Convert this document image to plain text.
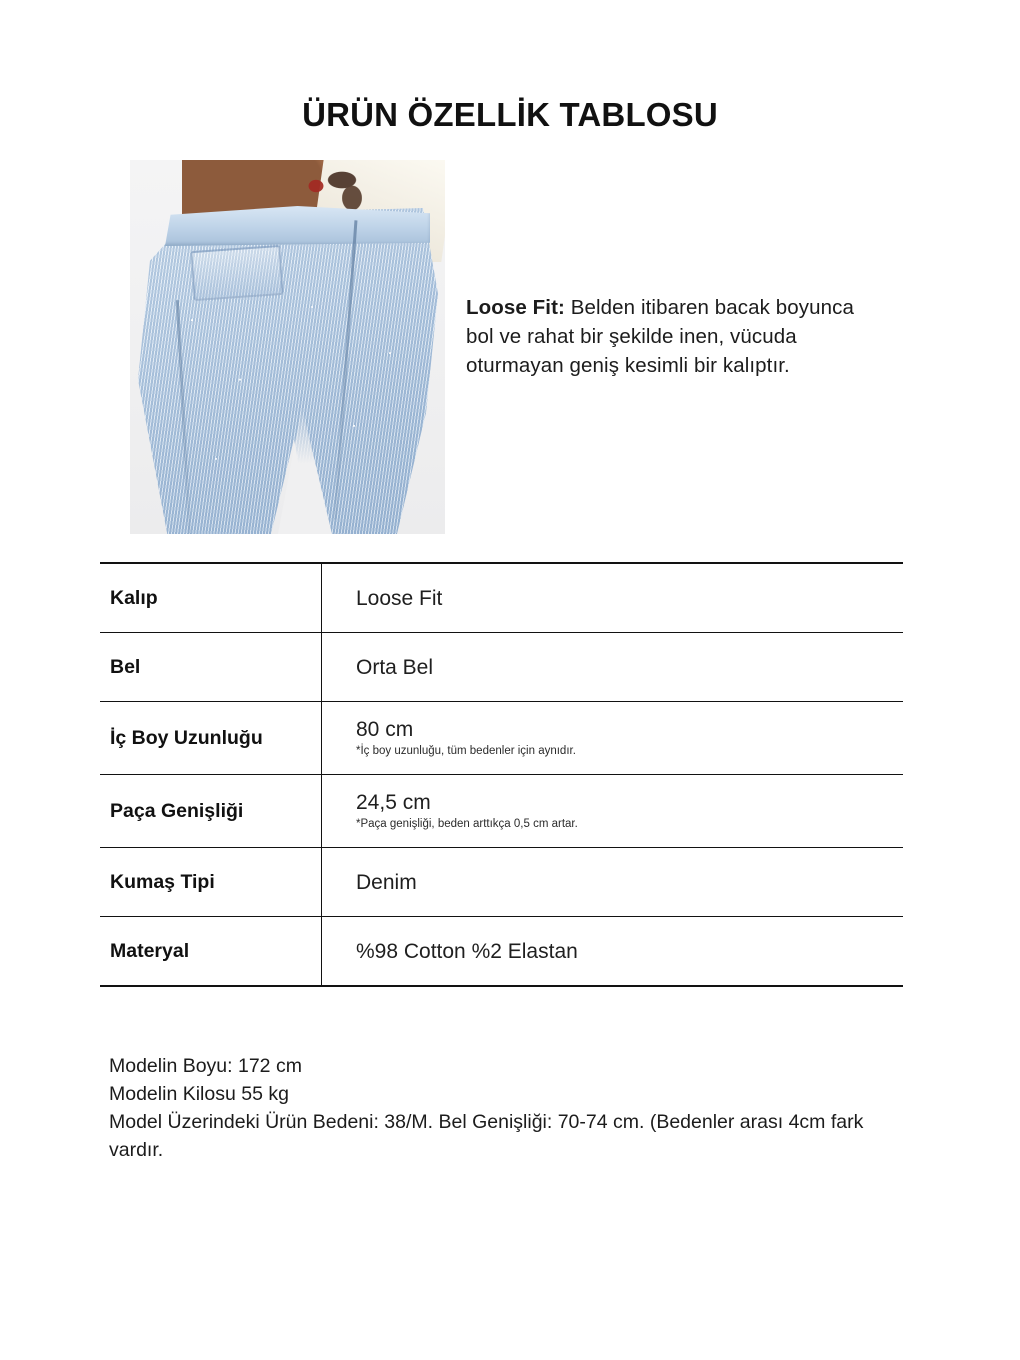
ÜRÜN ÖZELLİK TABLOSU
Loose Fit: Belden itibaren bacak boyunca bol ve rahat bir şekilde inen, vücuda oturmayan geniş kesimli bir kalıptır.
Kalıp	Loose Fit

Bel	Orta Bel

İç Boy Uzunluğu	80 cm
*İç boy uzunluğu, tüm bedenler için aynıdır.

Paça Genişliği	24,5 cm
*Paça genişliği, beden arttıkça 0,5 cm artar.

Kumaş Tipi	Denim

Materyal	%98 Cotton %2 Elastan
Modelin Boyu: 172 cm
Modelin Kilosu 55 kg
Model Üzerindeki Ürün Bedeni: 38/M. Bel Genişliği: 70-74 cm. (Bedenler arası 4cm fark vardır.
